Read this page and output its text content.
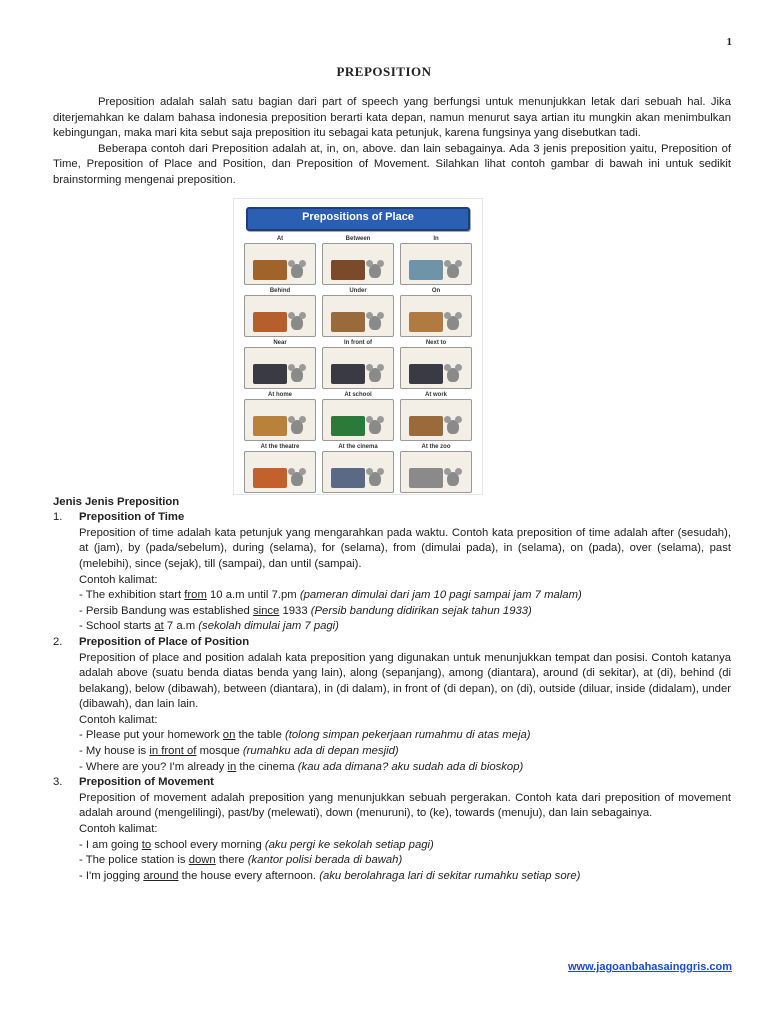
1
PREPOSITION

Preposition adalah salah satu bagian dari part of speech yang berfungsi untuk menunjukkan letak dari sebuah hal. Jika diterjemahkan ke dalam bahasa indonesia preposition berarti kata depan, namun menurut saya artian itu mungkin akan menimbulkan kebingungan, maka mari kita sebut saja preposition itu sebagai kata petunjuk, karena fungsinya yang disebutkan tadi.

Beberapa contoh dari Preposition adalah at, in, on, above. dan lain sebagainya. Ada 3 jenis preposition yaitu, Preposition of Time, Preposition of Place and Position, dan Preposition of Movement. Silahkan lihat contoh gambar di bawah ini untuk sedikit brainstorming mengenai preposition.

Prepositions of Place
At	Between	In
Behind	Under	On
Near	In front of	Next to
At home	At school	At work
At the theatre	At the cinema	At the zoo
Jenis Jenis Preposition
1. Preposition of Time
Preposition of time adalah kata petunjuk yang mengarahkan pada waktu. Contoh kata preposition of time adalah after (sesudah), at (jam), by (pada/sebelum), during (selama), for (selama), from (dimulai pada), in (selama), on (pada), over (selama), past (melebihi), since (sejak), till (sampai), dan until (sampai).
Contoh kalimat:
- The exhibition start from 10 a.m until 7.pm (pameran dimulai dari jam 10 pagi sampai jam 7 malam)
- Persib Bandung was established since 1933 (Persib bandung didirikan sejak tahun 1933)
- School starts at 7 a.m (sekolah dimulai jam 7 pagi)
2. Preposition of Place of Position
Preposition of place and position adalah kata preposition yang digunakan untuk menunjukkan tempat dan posisi. Contoh katanya adalah above (suatu benda diatas benda yang lain), along (sepanjang), among (diantara), around (di sekitar), at (di), behind (di belakang), below (dibawah), between (diantara), in (di dalam), in front of (di depan), on (di), outside (diluar, inside (didalam), under (dibawah), dan lain lain.
Contoh kalimat:
- Please put your homework on the table (tolong simpan pekerjaan rumahmu di atas meja)
- My house is in front of mosque (rumahku ada di depan mesjid)
- Where are you? I'm already in the cinema (kau ada dimana? aku sudah ada di bioskop)
3. Preposition of Movement
Preposition of movement adalah preposition yang menunjukkan sebuah pergerakan. Contoh kata dari preposition of movement adalah around (mengelilingi), past/by (melewati), down (menuruni), to (ke), towards (menuju), dan lain sebagainya.
Contoh kalimat:
- I am going to school every morning (aku pergi ke sekolah setiap pagi)
- The police station is down there (kantor polisi berada di bawah)
- I'm jogging around the house every afternoon. (aku berolahraga lari di sekitar rumahku setiap sore)
www.jagoanbahasainggris.com
